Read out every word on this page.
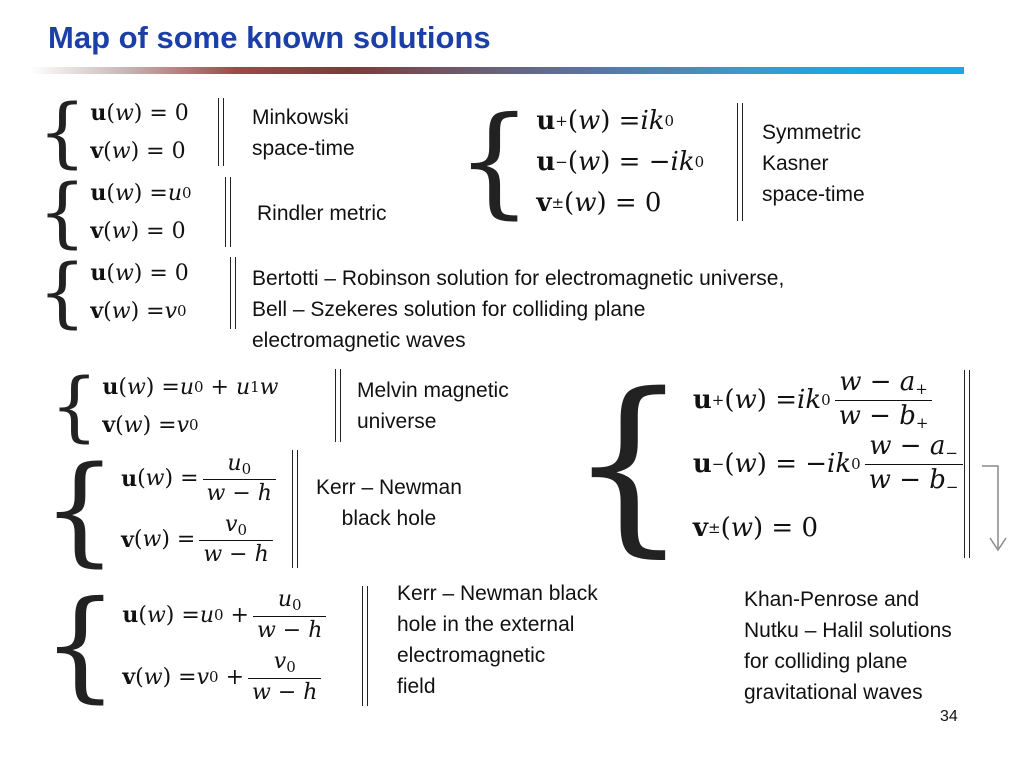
Map of some known solutions
{ u ( w ) = 0
v ( w ) = 0
Minkowski
space-time
{ u ( w ) = u 0
v ( w ) = 0
Rindler metric
{ u ( w ) = 0
v ( w ) = v 0
Bertotti – Robinson solution for electromagnetic universe,
Bell – Szekeres solution for colliding plane
electromagnetic waves
{ u + ( w ) = ik 0
u − ( w ) = − ik 0
v ± ( w ) = 0
Symmetric
Kasner
space-time
{ u ( w ) = u 0 + u 1 w
v ( w ) = v 0
Melvin magnetic
universe
{ u ( w ) = $\frac{u_0}{w - h}$
v ( w ) = $\frac{v_0}{w - h}$
Kerr – Newman
black hole
{ u ( w ) = u $0 + \frac{u_0}{w - h}$
v ( w ) = v $0 + \frac{v_0}{w - h}$
Kerr – Newman black
hole in the external
electromagnetic
field
{ u + ( w ) = ik $0 \frac{w - a_+}{w - b_+}$
u − ( w ) = − ik $0 \frac{w - a_-}{w - b_-}$
v ± ( w ) = 0
Khan-Penrose and
Nutku – Halil solutions
for colliding plane
gravitational waves
34
